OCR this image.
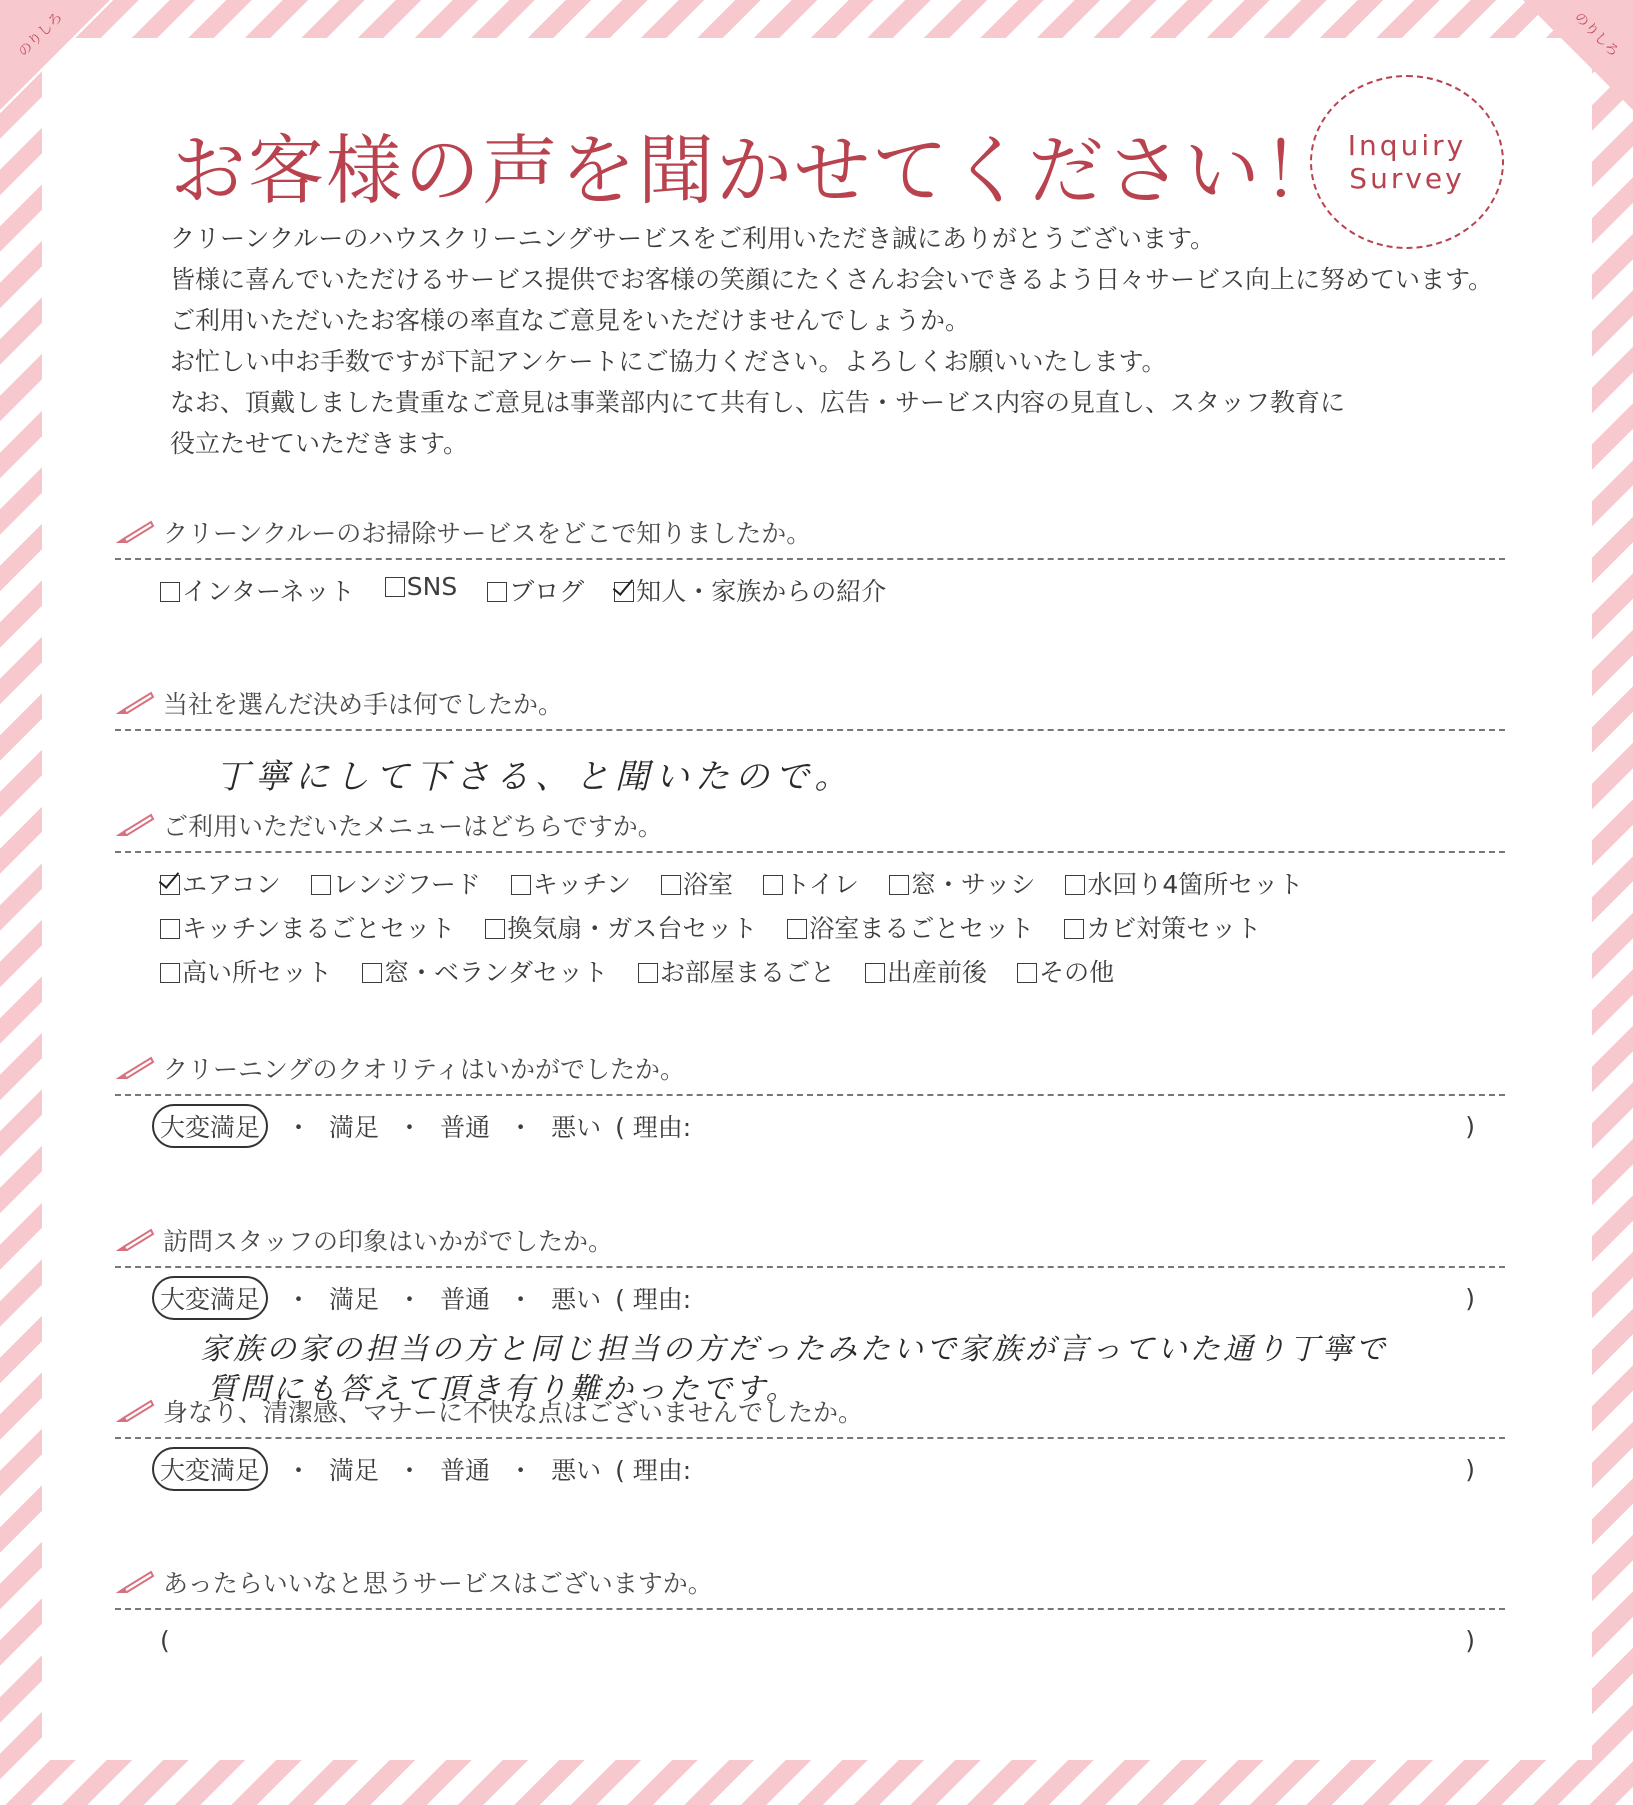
のりしろ	のりしろ
お客様の声を聞かせてください！ Inquiry
Survey
クリーンクルーのハウスクリーニングサービスをご利用いただき誠にありがとうございます。
皆様に喜んでいただけるサービス提供でお客様の笑顔にたくさんお会いできるよう日々サービス向上に努めています。
ご利用いただいたお客様の率直なご意見をいただけませんでしょうか。
お忙しい中お手数ですが下記アンケートにご協力ください。よろしくお願いいたします。
なお、頂戴しました貴重なご意見は事業部内にて共有し、広告・サービス内容の見直し、スタッフ教育に
役立たせていただきます。
クリーンクルーのお掃除サービスをどこで知りましたか。
インターネット	SNS	ブログ	知人・家族からの紹介
当社を選んだ決め手は何でしたか。
丁寧にして下さる、と聞いたので。
ご利用いただいたメニューはどちらですか。
エアコン	レンジフード	キッチン	浴室	トイレ	窓・サッシ	水回り4箇所セット
キッチンまるごとセット	換気扇・ガス台セット	浴室まるごとセット	カビ対策セット
高い所セット	窓・ベランダセット	お部屋まるごと	出産前後	その他
クリーニングのクオリティはいかがでしたか。
大変満足	・ 満足 ・ 普通 ・ 悪い ( 理由:	)
訪問スタッフの印象はいかがでしたか。
大変満足	・ 満足 ・ 普通 ・ 悪い ( 理由:	)
家族の家の担当の方と同じ担当の方だったみたいで家族が言っていた通り丁寧で
質問にも答えて頂き有り難かったです。
身なり、清潔感、マナーに不快な点はございませんでしたか。
大変満足	・ 満足 ・ 普通 ・ 悪い ( 理由:	)
あったらいいなと思うサービスはございますか。
(	)
